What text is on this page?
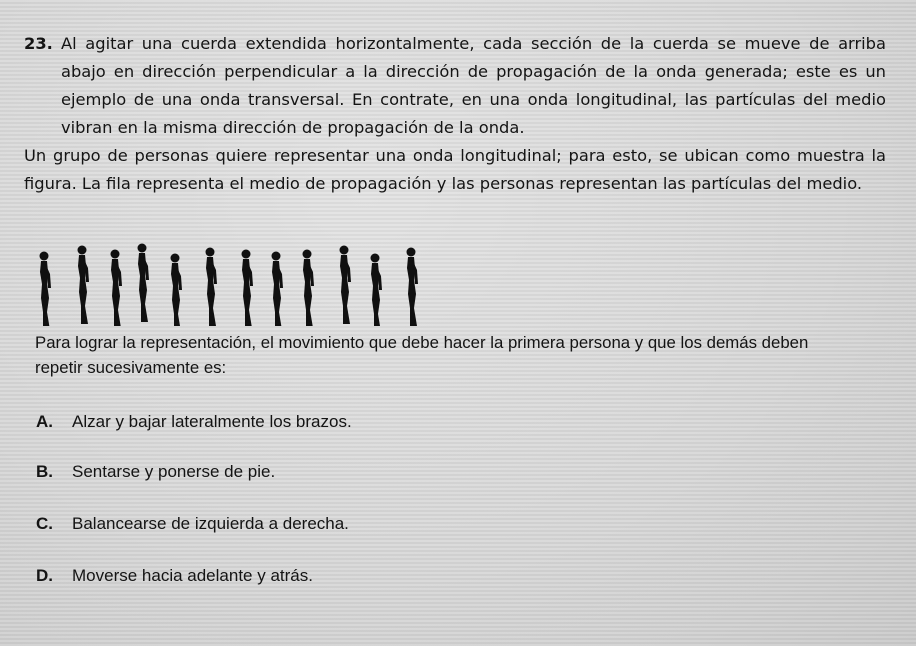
23. Al agitar una cuerda extendida horizontalmente, cada sección de la cuerda se mueve de arriba abajo en dirección perpendicular a la dirección de propagación de la onda generada; este es un ejemplo de una onda transversal. En contrate, en una onda longitudinal, las partículas del medio vibran en la misma dirección de propagación de la onda.
Un grupo de personas quiere representar una onda longitudinal; para esto, se ubican como muestra la figura. La fila representa el medio de propagación y las personas representan las partículas del medio.
Para lograr la representación, el movimiento que debe hacer la primera persona y que los demás deben repetir sucesivamente es:
A. Alzar y bajar lateralmente los brazos.
B. Sentarse y ponerse de pie.
C. Balancearse de izquierda a derecha.
D. Moverse hacia adelante y atrás.
